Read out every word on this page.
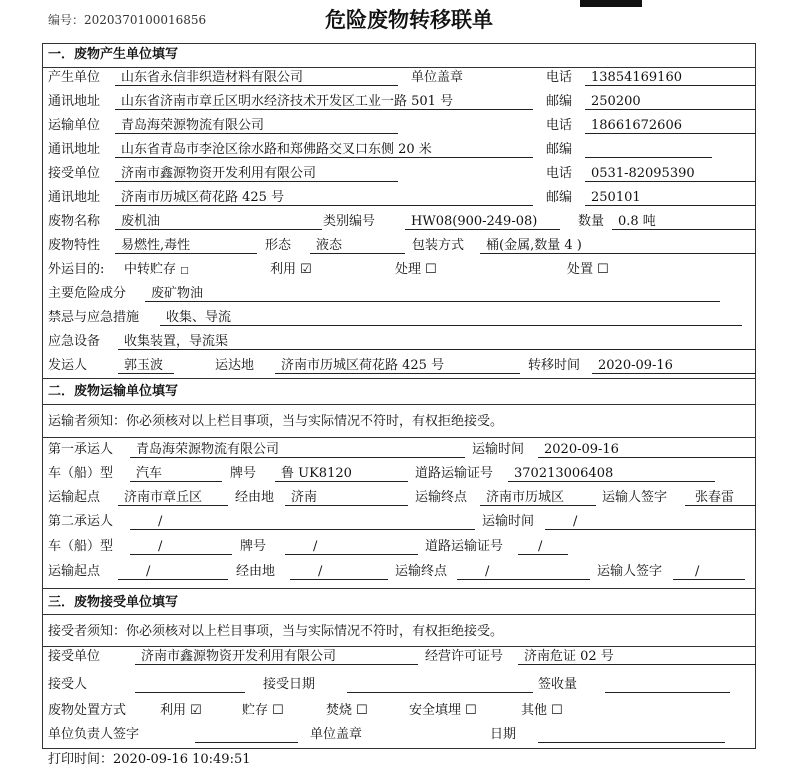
编号：2020370100016856	危险废物转移联单
一．废物产生单位填写
产生单位	山东省永信非织造材料有限公司	单位盖章	电话	13854169160
通讯地址	山东省济南市章丘区明水经济技术开发区工业一路 501 号	邮编	250200
运输单位	青岛海荣源物流有限公司	电话	18661672606
通讯地址	山东省青岛市李沧区徐水路和郑佛路交叉口东侧 20 米	邮编
接受单位	济南市鑫源物资开发利用有限公司	电话	0531-82095390
通讯地址	济南市历城区荷花路 425 号	邮编	250101
废物名称	废机油	类别编号	HW08(900-249-08)	数量	0.8 吨
废物特性	易燃性,毒性	形态	液态	包装方式	桶(金属,数量 4 )
外运目的: 中转贮存 □	利用 ☑	处理 ☐	处置 ☐
主要危险成分	废矿物油
禁忌与应急措施	收集、导流
应急设备	收集装置，导流渠
发运人	郭玉波	运达地	济南市历城区荷花路 425 号	转移时间	2020-09-16
二．废物运输单位填写
运输者须知：你必须核对以上栏目事项，当与实际情况不符时，有权拒绝接受。
第一承运人	青岛海荣源物流有限公司	运输时间	2020-09-16
车（船）型	汽车	牌号	鲁 UK8120	道路运输证号	370213006408
运输起点	济南市章丘区	经由地	济南	运输终点	济南市历城区	运输人签字	张春雷
第二承运人	/	运输时间	/
车（船）型	/	牌号	/	道路运输证号	/
运输起点	/	经由地	/	运输终点	/	运输人签字	/
三．废物接受单位填写
接受者须知：你必须核对以上栏目事项，当与实际情况不符时，有权拒绝接受。
接受单位	济南市鑫源物资开发利用有限公司	经营许可证号	济南危证 02 号
接受人	接受日期	签收量
废物处置方式	利用 ☑	贮存 ☐	焚烧 ☐	安全填埋 ☐	其他 ☐
单位负责人签字	单位盖章	日期
打印时间：2020-09-16 10:49:51
